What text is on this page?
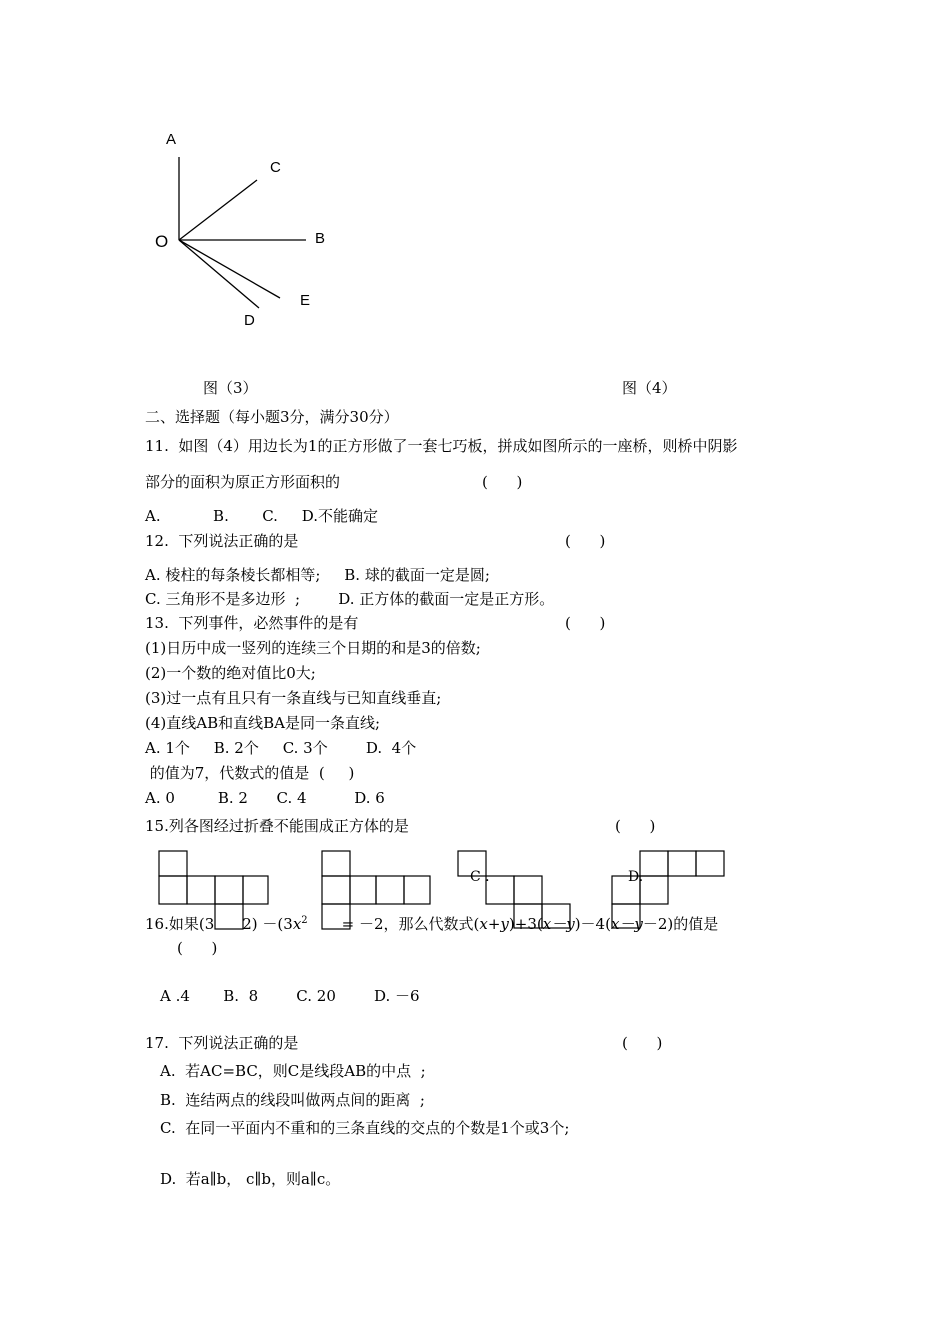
A
C
O	B
E
D
图（3）	图（4）
二、选择题（每小题3分，满分30分）
11.  如图（4）用边长为1的正方形做了一套七巧板，拼成如图所示的一座桥，则桥中阴影
部分的面积为原正方形面积的	(      )
A.           B.       C.     D.不能确定
12.  下列说法正确的是	(      )
A. 棱柱的每条棱长都相等;     B. 球的截面一定是圆;
C. 三角形不是多边形  ;        D. 正方体的截面一定是正方形。
13.  下列事件，必然事件的是有	(      )
(1)日历中成一竖列的连续三个日期的和是3的倍数;
(2)一个数的绝对值比0大;
(3)过一点有且只有一条直线与已知直线垂直;
(4)直线AB和直线BA是同一条直线;
A. 1个     B. 2个     C. 3个        D.  4个
的值为7，代数式的值是  (     )
A. 0         B. 2      C. 4          D. 6
15.列各图经过折叠不能围成正方体的是	(      )
C .	D.
16.如果(3 $2) -(3x^2 = -2$，那么代数式(x+y)+3(x－y)－4(x－y－2)的值是
(      )
A .4       B.  8        C. 20        D. －6
17.  下列说法正确的是	(      )
A.  若AC=BC，则C是线段AB的中点  ;
B.  连结两点的线段叫做两点间的距离  ;
C.  在同一平面内不重和的三条直线的交点的个数是1个或3个;
D.  若a∥b， c∥b，则a∥c。
